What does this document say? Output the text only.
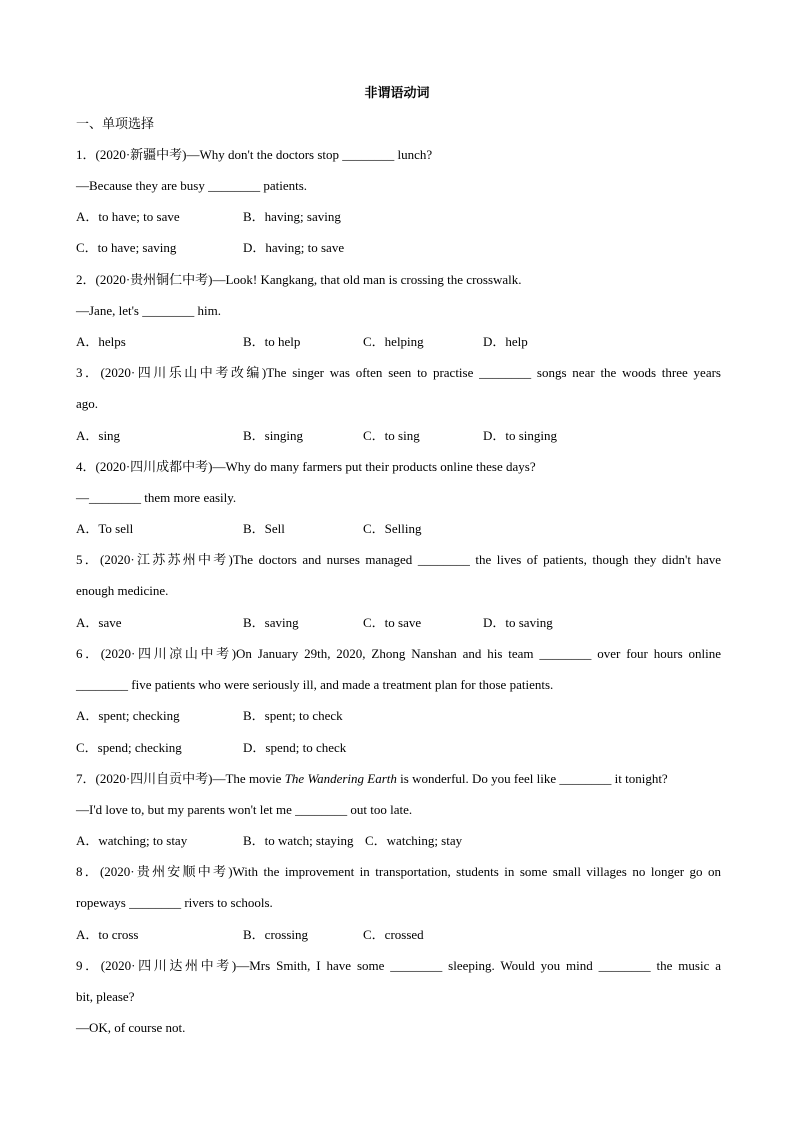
非谓语动词
一、单项选择
1．(2020·新疆中考)—Why don't the doctors stop ________ lunch?
—Because they are busy ________ patients.
A．to have; to save	B．having; saving
C．to have; saving	D．having; to save
2．(2020·贵州铜仁中考)—Look! Kangkang, that old man is crossing the crosswalk.
—Jane, let's ________ him.
A．helps	B．to help	C．helping	D．help
3．(2020·四川乐山中考改编)The singer was often seen to practise ________ songs near the woods three years
ago.
A．sing	B．singing	C．to sing	D．to singing
4．(2020·四川成都中考)—Why do many farmers put their products online these days?
—________ them more easily.
A．To sell	B．Sell	C．Selling
5．(2020·江苏苏州中考)The doctors and nurses managed ________ the lives of patients, though they didn't have
enough medicine.
A．save	B．saving	C．to save	D．to saving
6．(2020·四川凉山中考)On January 29th, 2020, Zhong Nanshan and his team ________ over four hours online
________ five patients who were seriously ill, and made a treatment plan for those patients.
A．spent; checking	B．spent; to check
C．spend; checking	D．spend; to check
7．(2020·四川自贡中考)—The movie The Wandering Earth is wonderful. Do you feel like ________ it tonight?
—I'd love to, but my parents won't let me ________ out too late.
A．watching; to stay	B．to watch; staying C．watching; stay
8．(2020·贵州安顺中考)With the improvement in transportation, students in some small villages no longer go on
ropeways ________ rivers to schools.
A．to cross	B．crossing	C．crossed
9．(2020·四川达州中考)—Mrs Smith, I have some ________ sleeping. Would you mind ________ the music a
bit, please?
—OK, of course not.
